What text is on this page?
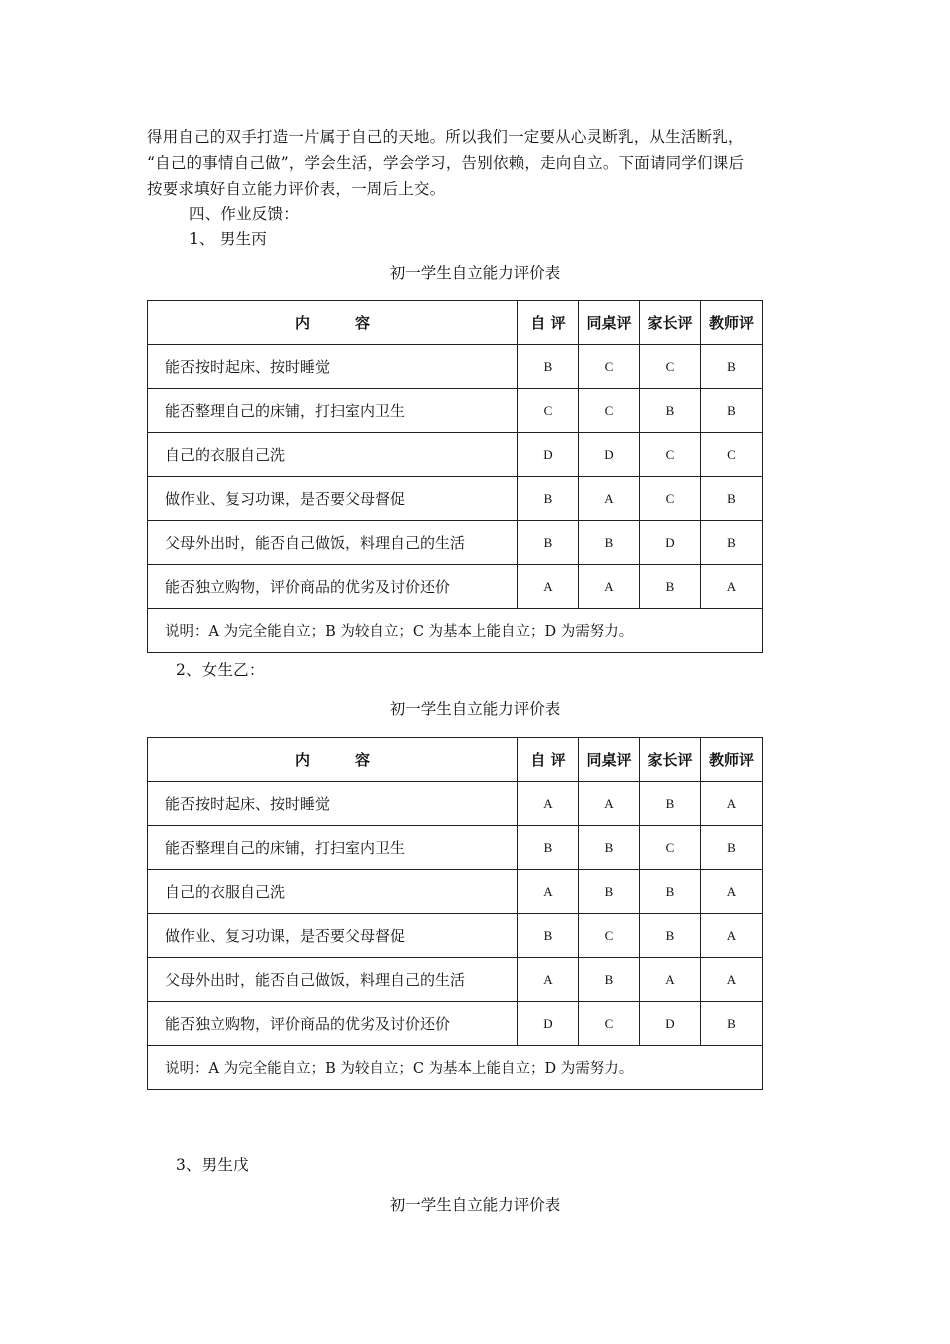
得用自己的双手打造一片属于自己的天地。所以我们一定要从心灵断乳，从生活断乳，
“自己的事情自己做”，学会生活，学会学习，告别依赖，走向自立。下面请同学们课后
按要求填好自立能力评价表，一周后上交。
四、作业反馈：
1、 男生丙
初一学生自立能力评价表
内　　　容	自 评	同桌评	家长评	教师评
能否按时起床、按时睡觉	B	C	C	B
能否整理自己的床铺，打扫室内卫生	C	C	B	B
自己的衣服自己洗	D	D	C	C
做作业、复习功课，是否要父母督促	B	A	C	B
父母外出时，能否自己做饭，料理自己的生活	B	B	D	B
能否独立购物，评价商品的优劣及讨价还价	A	A	B	A
说明：A 为完全能自立；B 为较自立；C 为基本上能自立；D 为需努力。				
2、女生乙：
初一学生自立能力评价表
内　　　容	自 评	同桌评	家长评	教师评
能否按时起床、按时睡觉	A	A	B	A
能否整理自己的床铺，打扫室内卫生	B	B	C	B
自己的衣服自己洗	A	B	B	A
做作业、复习功课，是否要父母督促	B	C	B	A
父母外出时，能否自己做饭，料理自己的生活	A	B	A	A
能否独立购物，评价商品的优劣及讨价还价	D	C	D	B
说明：A 为完全能自立；B 为较自立；C 为基本上能自立；D 为需努力。				
3、男生戊
初一学生自立能力评价表
